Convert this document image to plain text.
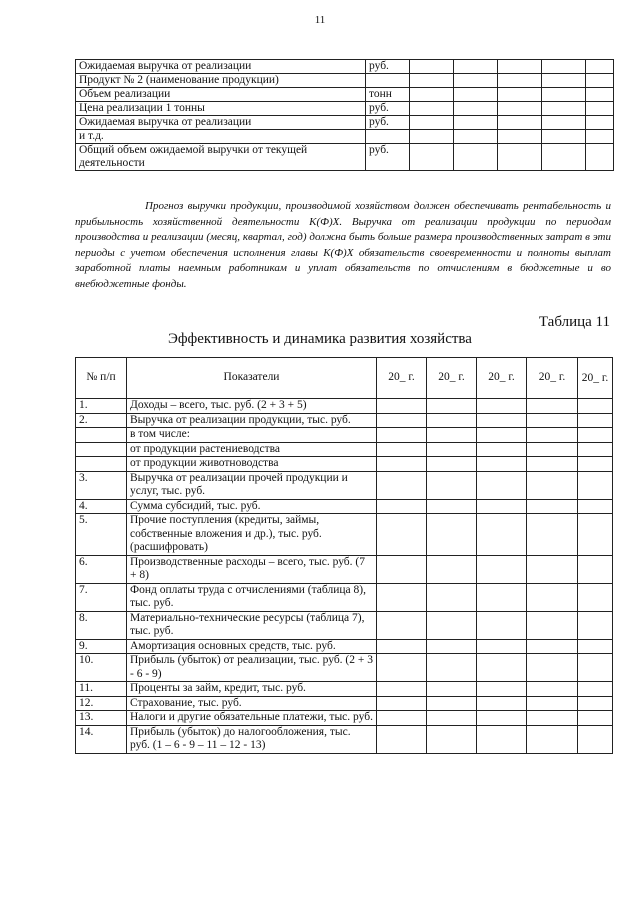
11
Ожидаемая выручка от реализации	руб.					
Продукт № 2 (наименование продукции)						
Объем реализации	тонн					
Цена реализации 1 тонны	руб.					
Ожидаемая выручка от реализации	руб.					
и т.д.						
Общий объем ожидаемой выручки от текущей деятельности	руб.					

Прогноз выручки продукции, производимой хозяйством должен обеспечивать рентабельность и прибыльность хозяйственной деятельности К(Ф)Х. Выручка от реализации продукции по периодам производства и реализации (месяц, квартал, год) должна быть больше размера производственных затрат в эти периоды с учетом обеспечения исполнения главы К(Ф)Х обязательств своевременности и полноты выплат заработной платы наемным работникам и уплат обязательств по отчислениям в бюджетные и во внебюджетные фонды.

Таблица 11
Эффективность и динамика развития хозяйства
№ п/п	Показатели	20_ г.	20_ г.	20_ г.	20_ г.	20_ г.
1.	Доходы – всего, тыс. руб. (2 + 3 + 5)					
2.	Выручка от реализации продукции, тыс. руб.					
	в том числе:					
	от продукции растениеводства					
	от продукции животноводства					
3.	Выручка от реализации прочей продукции и услуг, тыс. руб.					
4.	Сумма субсидий, тыс. руб.					
5.	Прочие поступления (кредиты, займы, собственные вложения и др.), тыс. руб. (расшифровать)					
6.	Производственные расходы – всего, тыс. руб. (7 + 8)					
7.	Фонд оплаты труда с отчислениями (таблица 8), тыс. руб.					
8.	Материально-технические ресурсы (таблица 7), тыс. руб.					
9.	Амортизация основных средств, тыс. руб.					
10.	Прибыль (убыток) от реализации, тыс. руб. (2 + 3 - 6 - 9)					
11.	Проценты за займ, кредит, тыс. руб.					
12.	Страхование, тыс. руб.					
13.	Налоги и другие обязательные платежи, тыс. руб.					
14.	Прибыль (убыток) до налогообложения, тыс. руб. (1 – 6 - 9 – 11 – 12 - 13)					
